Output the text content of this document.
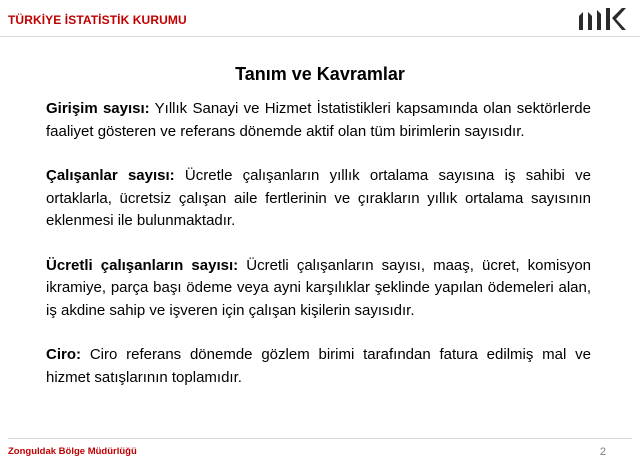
TÜRKİYE İSTATİSTİK KURUMU
Tanım ve Kavramlar

Girişim sayısı: Yıllık Sanayi ve Hizmet İstatistikleri kapsamında olan sektörlerde faaliyet gösteren ve referans dönemde aktif olan tüm birimlerin sayısıdır.

Çalışanlar sayısı: Ücretle çalışanların yıllık ortalama sayısına iş sahibi ve ortaklarla, ücretsiz çalışan aile fertlerinin ve çırakların yıllık ortalama sayısının eklenmesi ile bulunmaktadır.

Ücretli çalışanların sayısı: Ücretli çalışanların sayısı, maaş, ücret, komisyon ikramiye, parça başı ödeme veya ayni karşılıklar şeklinde yapılan ödemeleri alan, iş akdine sahip ve işveren için çalışan kişilerin sayısıdır.

Ciro: Ciro referans dönemde gözlem birimi tarafından fatura edilmiş mal ve hizmet satışlarının toplamıdır.

Zonguldak Bölge Müdürlüğü	2
